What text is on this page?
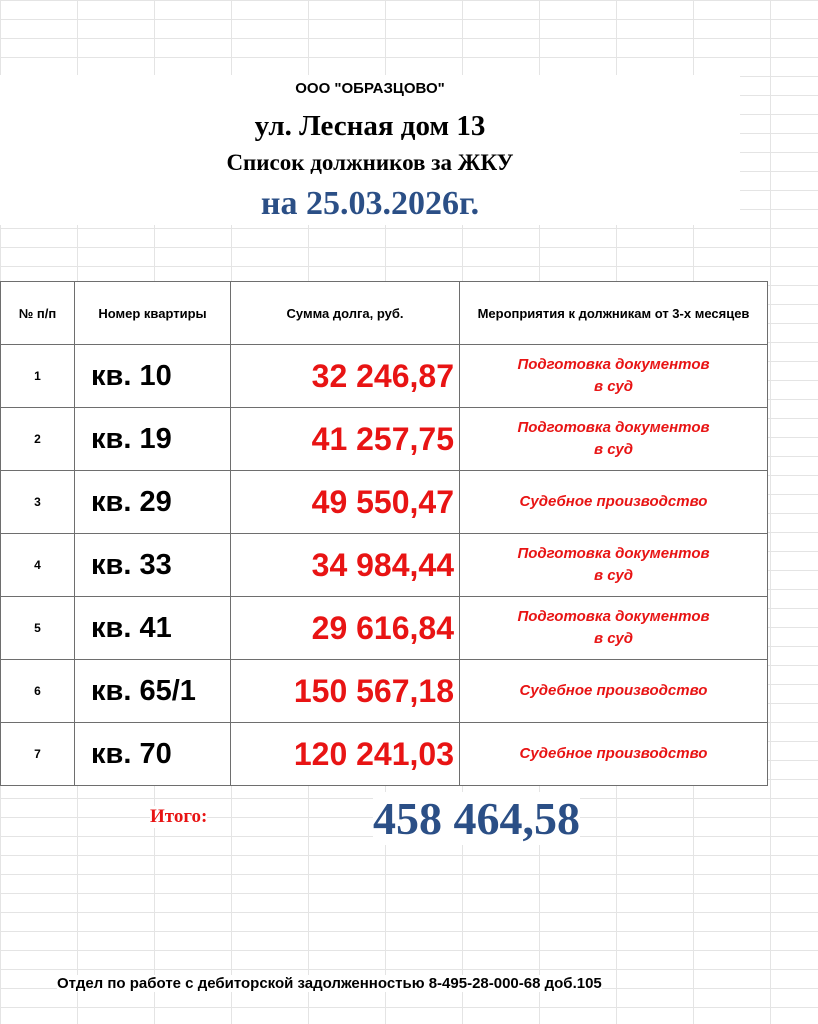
ООО "ОБРАЗЦОВО"
ул. Лесная дом 13
Список должников за ЖКУ
на 25.03.2026г.
№ п/п	Номер квартиры	Сумма долга, руб.	Мероприятия к должникам от 3-х месяцев
1	кв. 10	32 246,87	Подготовка документов
в суд

2	кв. 19	41 257,75	Подготовка документов
в суд

3	кв. 29	49 550,47	Судебное производство

4	кв. 33	34 984,44	Подготовка документов
в суд

5	кв. 41	29 616,84	Подготовка документов
в суд

6	кв. 65/1	150 567,18	Судебное производство

7	кв. 70	120 241,03	Судебное производство
Итого:	458 464,58
Отдел по работе с дебиторской задолженностью 8-495-28-000-68 доб.105
